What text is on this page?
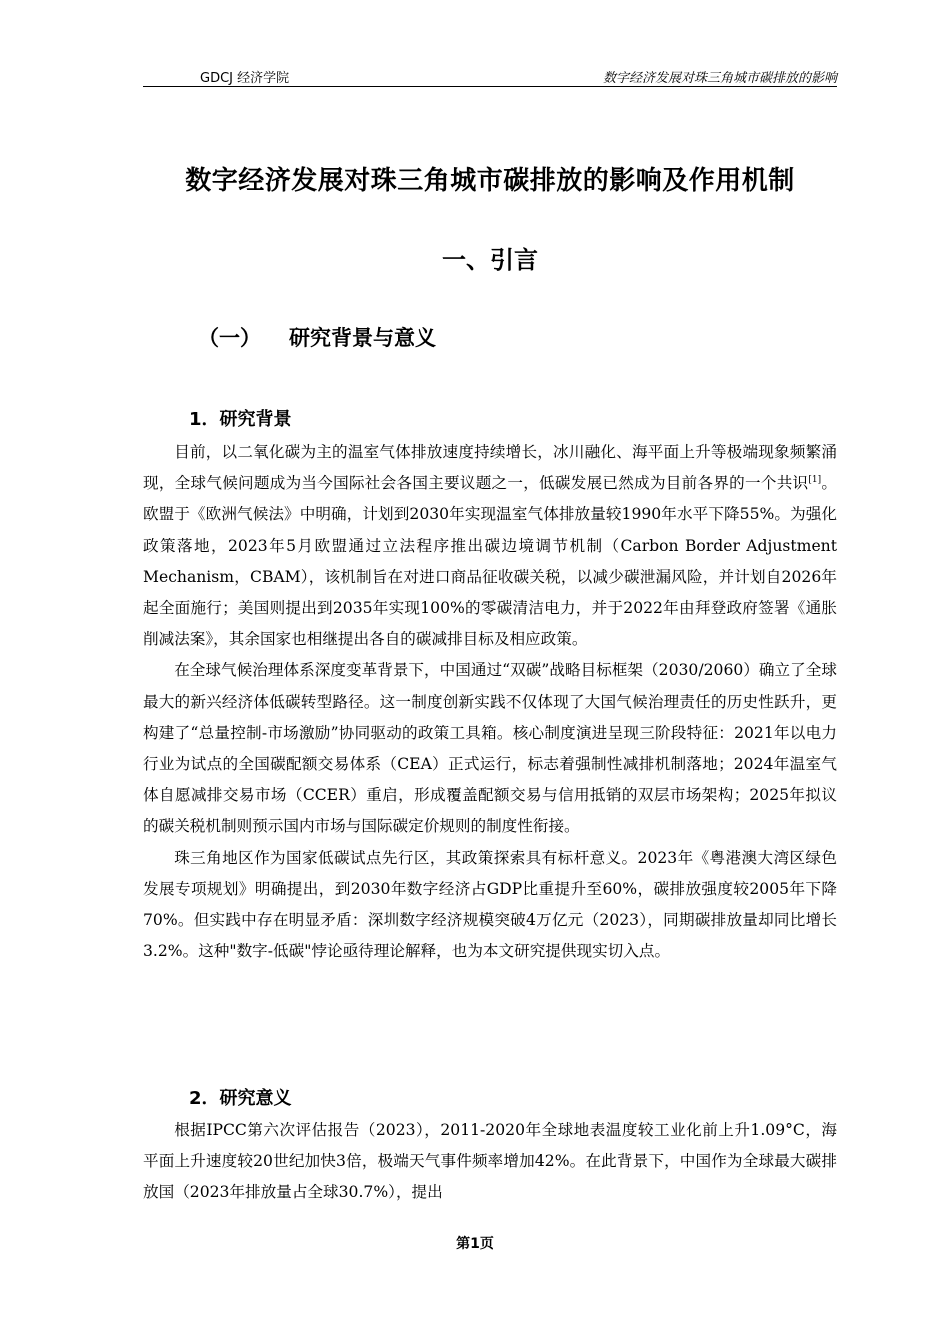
GDCJ 经济学院	数字经济发展对珠三角城市碳排放的影响
数字经济发展对珠三角城市碳排放的影响及作用机制
一、引言
（一） 研究背景与意义
1．研究背景

目前，以二氧化碳为主的温室气体排放速度持续增长，冰川融化、海平面上升等极端现象频繁涌现，全球气候问题成为当今国际社会各国主要议题之一，低碳发展已然成为目前各界的一个共识[1]。欧盟于《欧洲气候法》中明确，计划到2030年实现温室气体排放量较1990年水平下降55%。为强化政策落地，2023年5月欧盟通过立法程序推出碳边境调节机制（Carbon Border Adjustment Mechanism，CBAM），该机制旨在对进口商品征收碳关税，以减少碳泄漏风险，并计划自2026年起全面施行；美国则提出到2035年实现100%的零碳清洁电力，并于2022年由拜登政府签署《通胀削减法案》，其余国家也相继提出各自的碳减排目标及相应政策。

在全球气候治理体系深度变革背景下，中国通过“双碳”战略目标框架（2030/2060）确立了全球最大的新兴经济体低碳转型路径。这一制度创新实践不仅体现了大国气候治理责任的历史性跃升，更构建了“总量控制-市场激励”协同驱动的政策工具箱。核心制度演进呈现三阶段特征：2021年以电力行业为试点的全国碳配额交易体系（CEA）正式运行，标志着强制性减排机制落地；2024年温室气体自愿减排交易市场（CCER）重启，形成覆盖配额交易与信用抵销的双层市场架构；2025年拟议的碳关税机制则预示国内市场与国际碳定价规则的制度性衔接。

珠三角地区作为国家低碳试点先行区，其政策探索具有标杆意义。2023年《粤港澳大湾区绿色发展专项规划》明确提出，到2030年数字经济占GDP比重提升至60%，碳排放强度较2005年下降70%。但实践中存在明显矛盾：深圳数字经济规模突破4万亿元（2023），同期碳排放量却同比增长3.2%。这种"数字-低碳"悖论亟待理论解释，也为本文研究提供现实切入点。

2．研究意义

根据IPCC第六次评估报告（2023），2011-2020年全球地表温度较工业化前上升1.09°C，海平面上升速度较20世纪加快3倍，极端天气事件频率增加42%。在此背景下，中国作为全球最大碳排放国（2023年排放量占全球30.7%），提出

第1页
